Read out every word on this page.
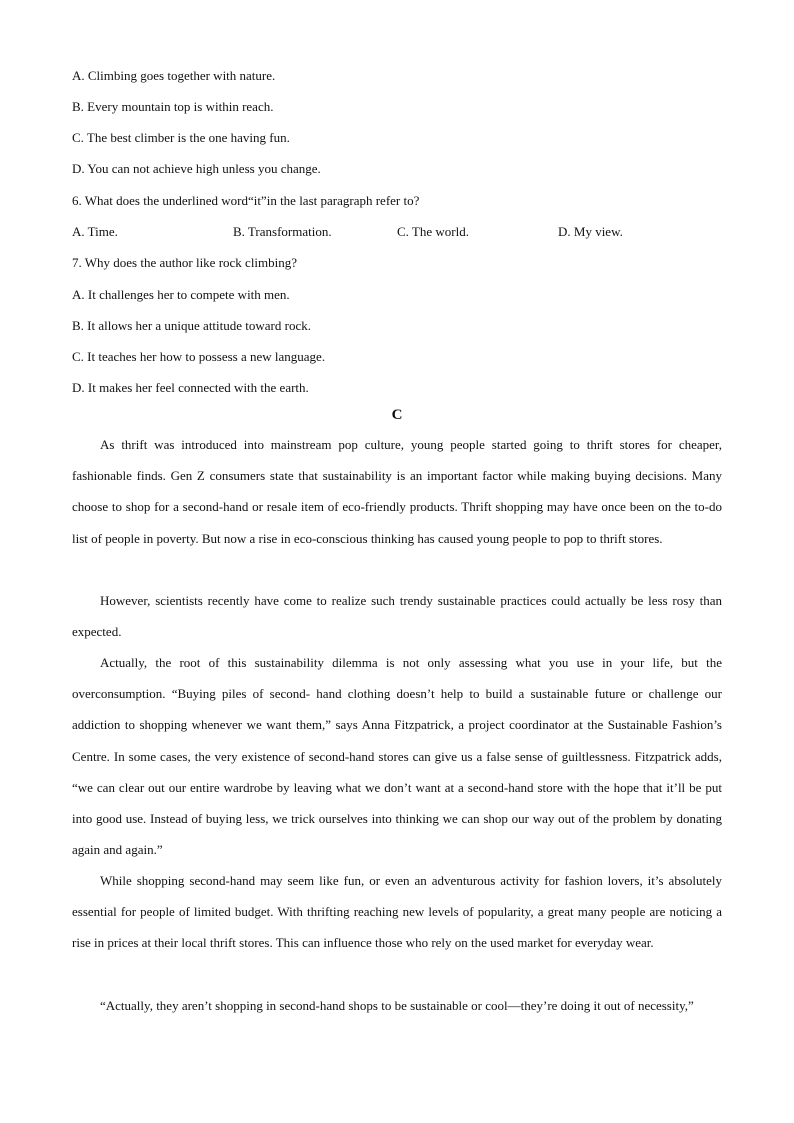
A. Climbing goes together with nature.
B. Every mountain top is within reach.
C. The best climber is the one having fun.
D. You can not achieve high unless you change.
6. What does the underlined word“it”in the last paragraph refer to?
A. Time.	B. Transformation.	C. The world.	D. My view.
7. Why does the author like rock climbing?
A. It challenges her to compete with men.
B. It allows her a unique attitude toward rock.
C. It teaches her how to possess a new language.
D. It makes her feel connected with the earth.
C

As thrift was introduced into mainstream pop culture, young people started going to thrift stores for cheaper, fashionable finds. Gen Z consumers state that sustainability is an important factor while making buying decisions. Many choose to shop for a second-hand or resale item of eco-friendly products. Thrift shopping may have once been on the to-do list of people in poverty. But now a rise in eco-conscious thinking has caused young people to pop to thrift stores.

However, scientists recently have come to realize such trendy sustainable practices could actually be less rosy than expected.

Actually, the root of this sustainability dilemma is not only assessing what you use in your life, but the overconsumption. “Buying piles of second- hand clothing doesn’t help to build a sustainable future or challenge our addiction to shopping whenever we want them,” says Anna Fitzpatrick, a project coordinator at the Sustainable Fashion’s Centre. In some cases, the very existence of second-hand stores can give us a false sense of guiltlessness. Fitzpatrick adds, “we can clear out our entire wardrobe by leaving what we don’t want at a second-hand store with the hope that it’ll be put into good use. Instead of buying less, we trick ourselves into thinking we can shop our way out of the problem by donating again and again.”

While shopping second-hand may seem like fun, or even an adventurous activity for fashion lovers, it’s absolutely essential for people of limited budget. With thrifting reaching new levels of popularity, a great many people are noticing a rise in prices at their local thrift stores. This can influence those who rely on the used market for everyday wear.

“Actually, they aren’t shopping in second-hand shops to be sustainable or cool—they’re doing it out of necessity,”
